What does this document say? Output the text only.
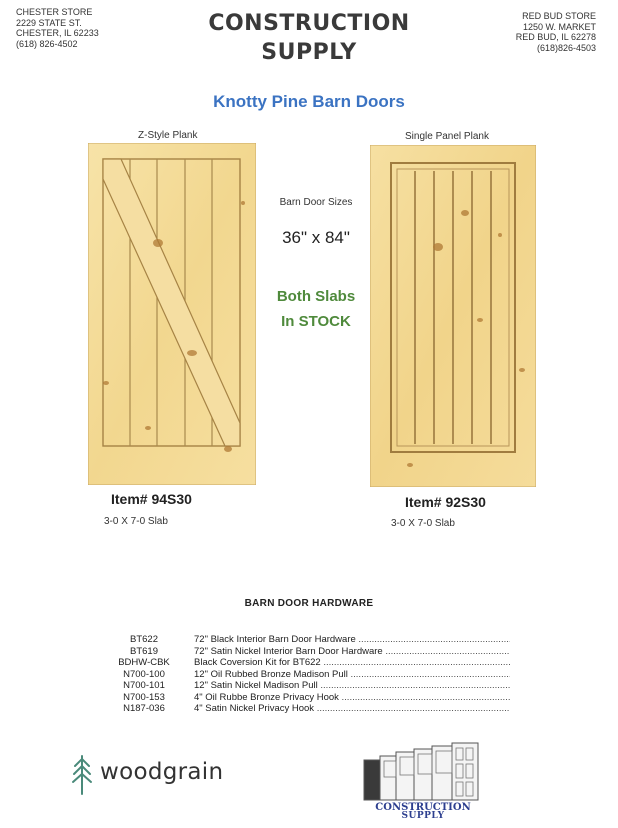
CHESTER STORE
2229 STATE ST.
CHESTER, IL 62233
(618) 826-4502
RED BUD STORE
1250 W. MARKET
RED BUD, IL 62278
(618)826-4503
CONSTRUCTION
SUPPLY
Knotty Pine Barn Doors
Z-Style Plank	Single Panel Plank
Barn Door Sizes
36" x 84"
Both Slabs
In STOCK
Item# 94S30
3-0 X 7-0 Slab
Item# 92S30
3-0 X 7-0 Slab
BARN DOOR HARDWARE
BT622	72" Black Interior Barn Door Hardware .....
BT619	72" Satin Nickel Interior Barn Door Hardware .....
BDHW-CBK	Black Coversion Kit for BT622 .....
N700-100	12" Oil Rubbed Bronze Madison Pull .....
N700-101	12" Satin Nickel Madison Pull .....
N700-153	4" Oil Rubbe Bronze Privacy Hook .....
N187-036	4" Satin Nickel Privacy Hook .....
woodgrain
CONSTRUCTION
SUPPLY
